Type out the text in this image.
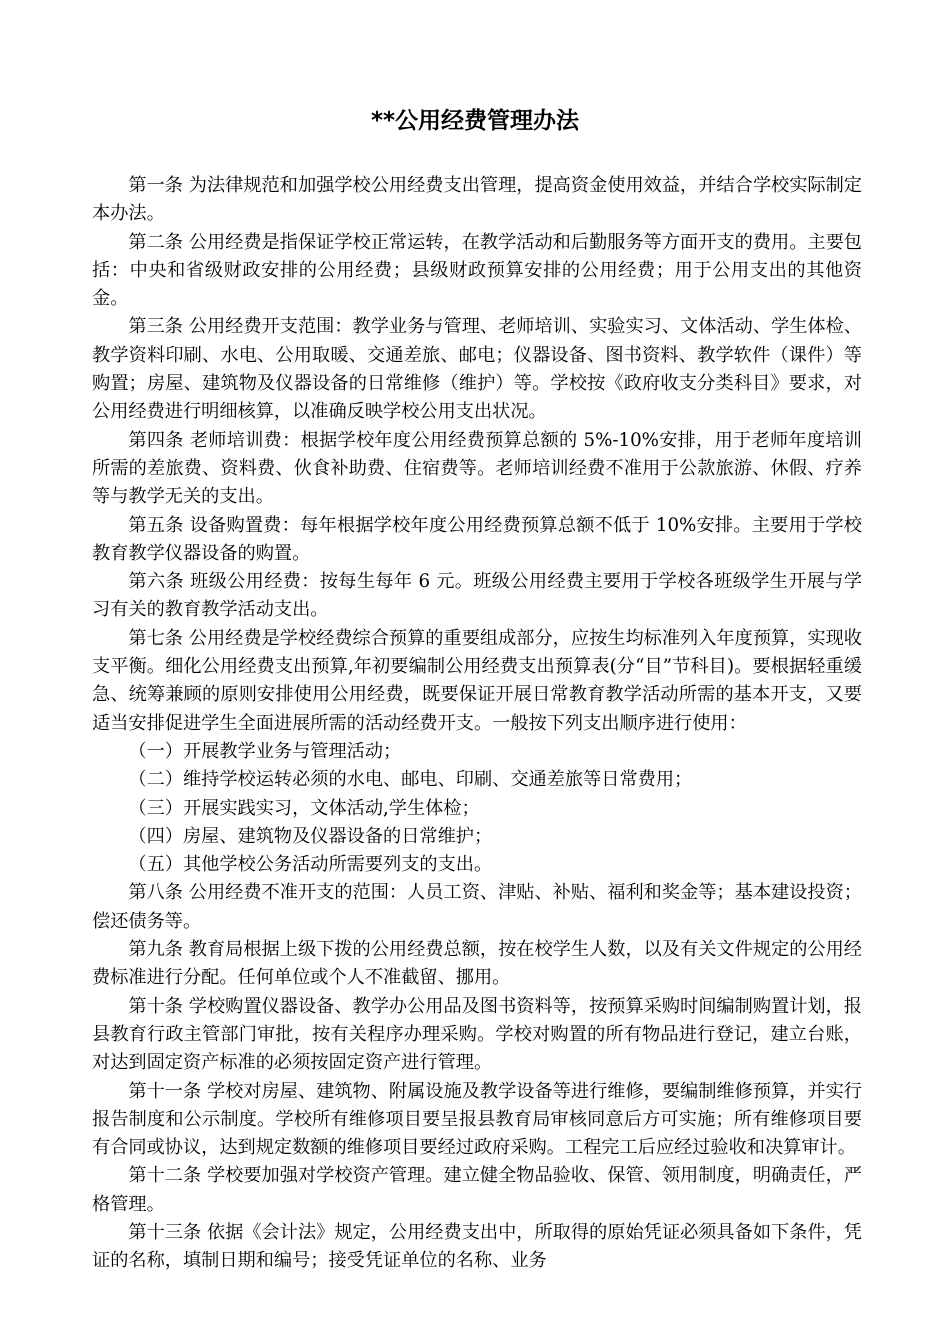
**公用经费管理办法

第一条 为法律规范和加强学校公用经费支出管理，提高资金使用效益，并结合学校实际制定本办法。

第二条 公用经费是指保证学校正常运转，在教学活动和后勤服务等方面开支的费用。主要包括：中央和省级财政安排的公用经费；县级财政预算安排的公用经费；用于公用支出的其他资金。

第三条 公用经费开支范围：教学业务与管理、老师培训、实验实习、文体活动、学生体检、教学资料印刷、水电、公用取暖、交通差旅、邮电；仪器设备、图书资料、教学软件（课件）等购置；房屋、建筑物及仪器设备的日常维修（维护）等。学校按《政府收支分类科目》要求，对公用经费进行明细核算，以准确反映学校公用支出状况。

第四条 老师培训费：根据学校年度公用经费预算总额的 5%-10%安排，用于老师年度培训所需的差旅费、资料费、伙食补助费、住宿费等。老师培训经费不准用于公款旅游、休假、疗养等与教学无关的支出。

第五条 设备购置费：每年根据学校年度公用经费预算总额不低于 10%安排。主要用于学校教育教学仪器设备的购置。

第六条 班级公用经费：按每生每年 6 元。班级公用经费主要用于学校各班级学生开展与学习有关的教育教学活动支出。

第七条 公用经费是学校经费综合预算的重要组成部分，应按生均标准列入年度预算，实现收支平衡。细化公用经费支出预算,年初要编制公用经费支出预算表(分“目”节科目)。要根据轻重缓急、统筹兼顾的原则安排使用公用经费，既要保证开展日常教育教学活动所需的基本开支，又要适当安排促进学生全面进展所需的活动经费开支。一般按下列支出顺序进行使用：

（一）开展教学业务与管理活动；

（二）维持学校运转必须的水电、邮电、印刷、交通差旅等日常费用；

（三）开展实践实习，文体活动,学生体检；

（四）房屋、建筑物及仪器设备的日常维护；

（五）其他学校公务活动所需要列支的支出。

第八条 公用经费不准开支的范围：人员工资、津贴、补贴、福利和奖金等；基本建设投资；偿还债务等。

第九条 教育局根据上级下拨的公用经费总额，按在校学生人数，以及有关文件规定的公用经费标准进行分配。任何单位或个人不准截留、挪用。

第十条 学校购置仪器设备、教学办公用品及图书资料等，按预算采购时间编制购置计划，报县教育行政主管部门审批，按有关程序办理采购。学校对购置的所有物品进行登记，建立台账，对达到固定资产标准的必须按固定资产进行管理。

第十一条 学校对房屋、建筑物、附属设施及教学设备等进行维修，要编制维修预算，并实行报告制度和公示制度。学校所有维修项目要呈报县教育局审核同意后方可实施；所有维修项目要有合同或协议，达到规定数额的维修项目要经过政府采购。工程完工后应经过验收和决算审计。

第十二条 学校要加强对学校资产管理。建立健全物品验收、保管、领用制度，明确责任，严格管理。

第十三条 依据《会计法》规定，公用经费支出中，所取得的原始凭证必须具备如下条件，凭证的名称，填制日期和编号；接受凭证单位的名称、业务
